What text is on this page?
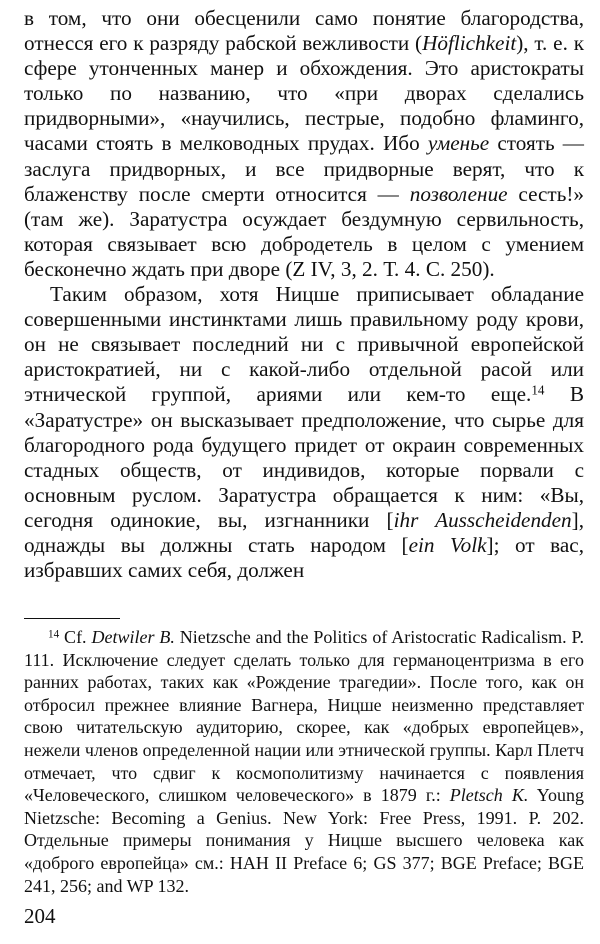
в том, что они обесценили само понятие благородства, отнесся его к разряду рабской вежливости (Höflichkeit), т. е. к сфере утонченных манер и обхождения. Это аристократы только по названию, что «при дворах сделались придворными», «научились, пестрые, подобно фламинго, часами стоять в мелководных прудах. Ибо уменье стоять — заслуга придворных, и все придворные верят, что к блаженству после смерти относится — позволение сесть!» (там же). Заратустра осуждает бездумную сервильность, которая связывает всю добродетель в целом с умением бесконечно ждать при дворе (Z IV, 3, 2. Т. 4. С. 250).

Таким образом, хотя Ницше приписывает обладание совершенными инстинктами лишь правильному роду крови, он не связывает последний ни с привычной европейской аристократией, ни с какой-либо отдельной расой или этнической группой, ариями или кем-то еще.$^{14}$ В «Заратустре» он высказывает предположение, что сырье для благородного рода будущего придет от окраин современных стадных обществ, от индивидов, которые порвали с основным руслом. Заратустра обращается к ним: «Вы, сегодня одинокие, вы, изгнанники [ihr Ausscheidenden], однажды вы должны стать народом [ein Volk]; от вас, избравших самих себя, должен

$^{14}$ Cf. Detwiler B. Nietzsche and the Politics of Aristocratic Radicalism. P. 111. Исключение следует сделать только для германоцентризма в его ранних работах, таких как «Рождение трагедии». После того, как он отбросил прежнее влияние Вагнера, Ницше неизменно представляет свою читательскую аудиторию, скорее, как «добрых европейцев», нежели членов определенной нации или этнической группы. Карл Плетч отмечает, что сдвиг к космополитизму начинается с появления «Человеческого, слишком человеческого» в 1879 г.: Pletsch K. Young Nietzsche: Becoming a Genius. New York: Free Press, 1991. P. 202. Отдельные примеры понимания у Ницше высшего человека как «доброго европейца» см.: HAH II Preface 6; GS 377; BGE Preface; BGE 241, 256; and WP 132.

204
